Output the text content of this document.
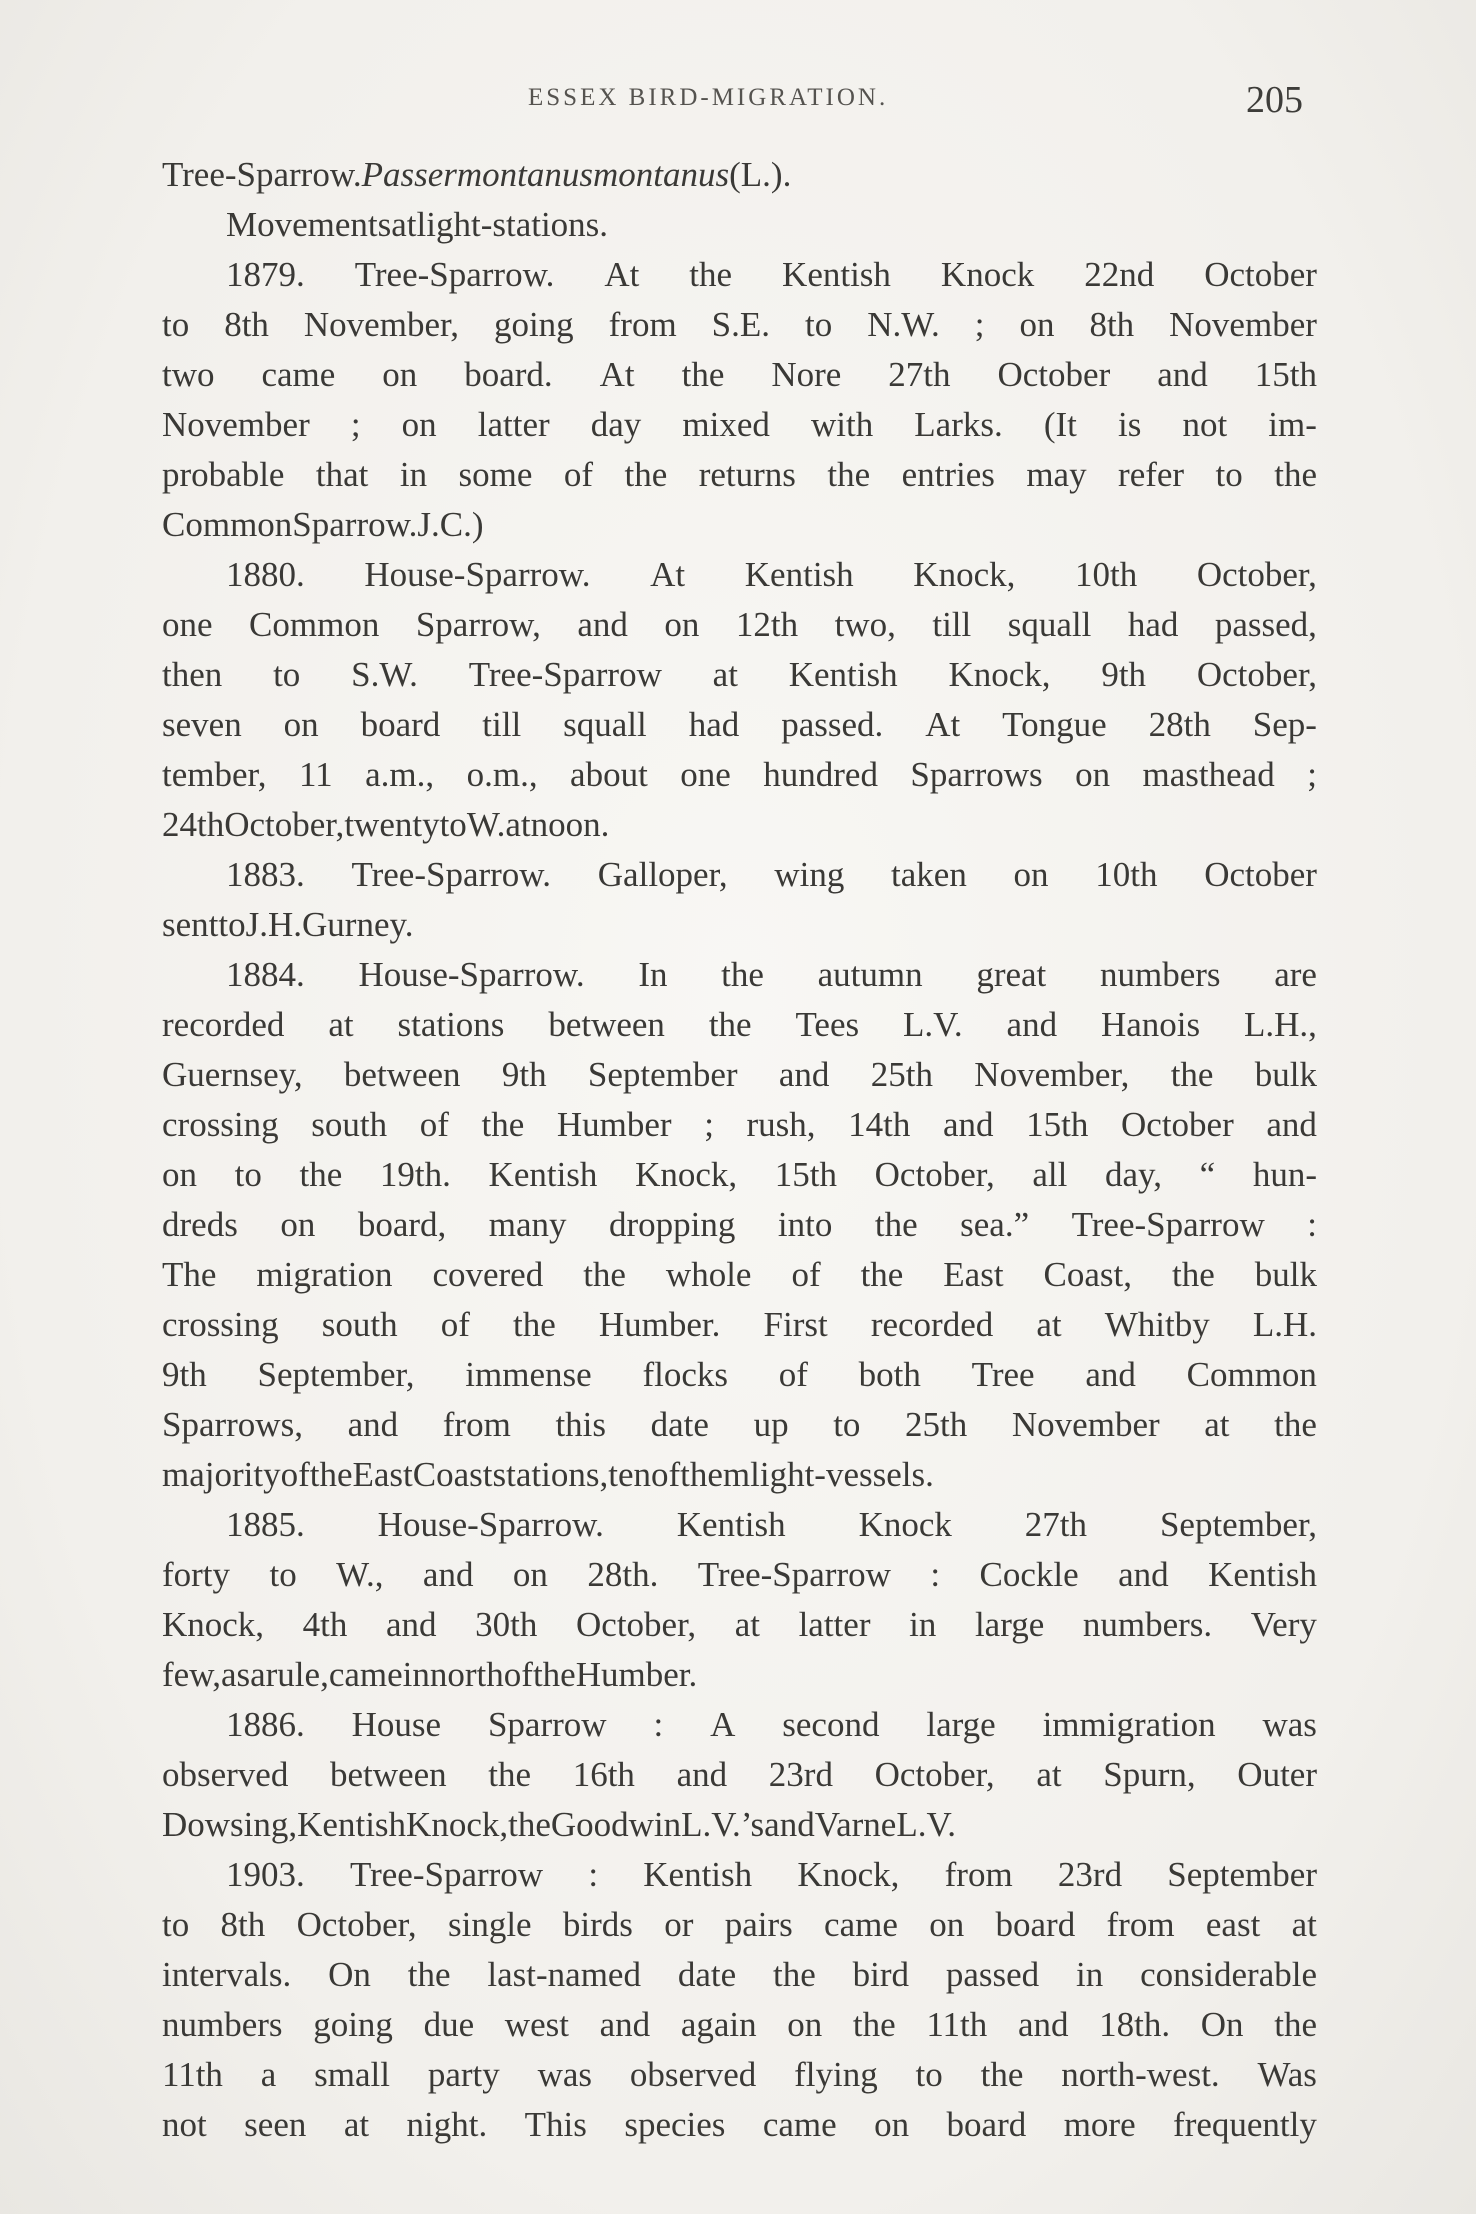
ESSEX BIRD-MIGRATION.	205
Tree-Sparrow. Passer montanus montanus (L.).
Movements at light-stations.
1879. Tree-Sparrow. At the Kentish Knock 22nd October
to 8th November, going from S.E. to N.W. ; on 8th November
two came on board. At the Nore 27th October and 15th
November ; on latter day mixed with Larks. (It is not im-
probable that in some of the returns the entries may refer to the
Common Sparrow. J.C.)
1880. House-Sparrow. At Kentish Knock, 10th October,
one Common Sparrow, and on 12th two, till squall had passed,
then to S.W. Tree-Sparrow at Kentish Knock, 9th October,
seven on board till squall had passed. At Tongue 28th Sep-
tember, 11 a.m., o.m., about one hundred Sparrows on masthead ;
24th October, twenty to W. at noon.
1883. Tree-Sparrow. Galloper, wing taken on 10th October
sent to J. H. Gurney.
1884. House-Sparrow. In the autumn great numbers are
recorded at stations between the Tees L.V. and Hanois L.H.,
Guernsey, between 9th September and 25th November, the bulk
crossing south of the Humber ; rush, 14th and 15th October and
on to the 19th. Kentish Knock, 15th October, all day, “ hun-
dreds on board, many dropping into the sea.” Tree-Sparrow :
The migration covered the whole of the East Coast, the bulk
crossing south of the Humber. First recorded at Whitby L.H.
9th September, immense flocks of both Tree and Common
Sparrows, and from this date up to 25th November at the
majority of the East Coast stations, ten of them light-vessels.
1885. House-Sparrow. Kentish Knock 27th September,
forty to W., and on 28th. Tree-Sparrow : Cockle and Kentish
Knock, 4th and 30th October, at latter in large numbers. Very
few, as a rule, came in north of the Humber.
1886. House Sparrow : A second large immigration was
observed between the 16th and 23rd October, at Spurn, Outer
Dowsing, Kentish Knock, the Goodwin L.V.’s and Varne L.V.
1903. Tree-Sparrow : Kentish Knock, from 23rd September
to 8th October, single birds or pairs came on board from east at
intervals. On the last-named date the bird passed in considerable
numbers going due west and again on the 11th and 18th. On the
11th a small party was observed flying to the north-west. Was
not seen at night. This species came on board more frequently
